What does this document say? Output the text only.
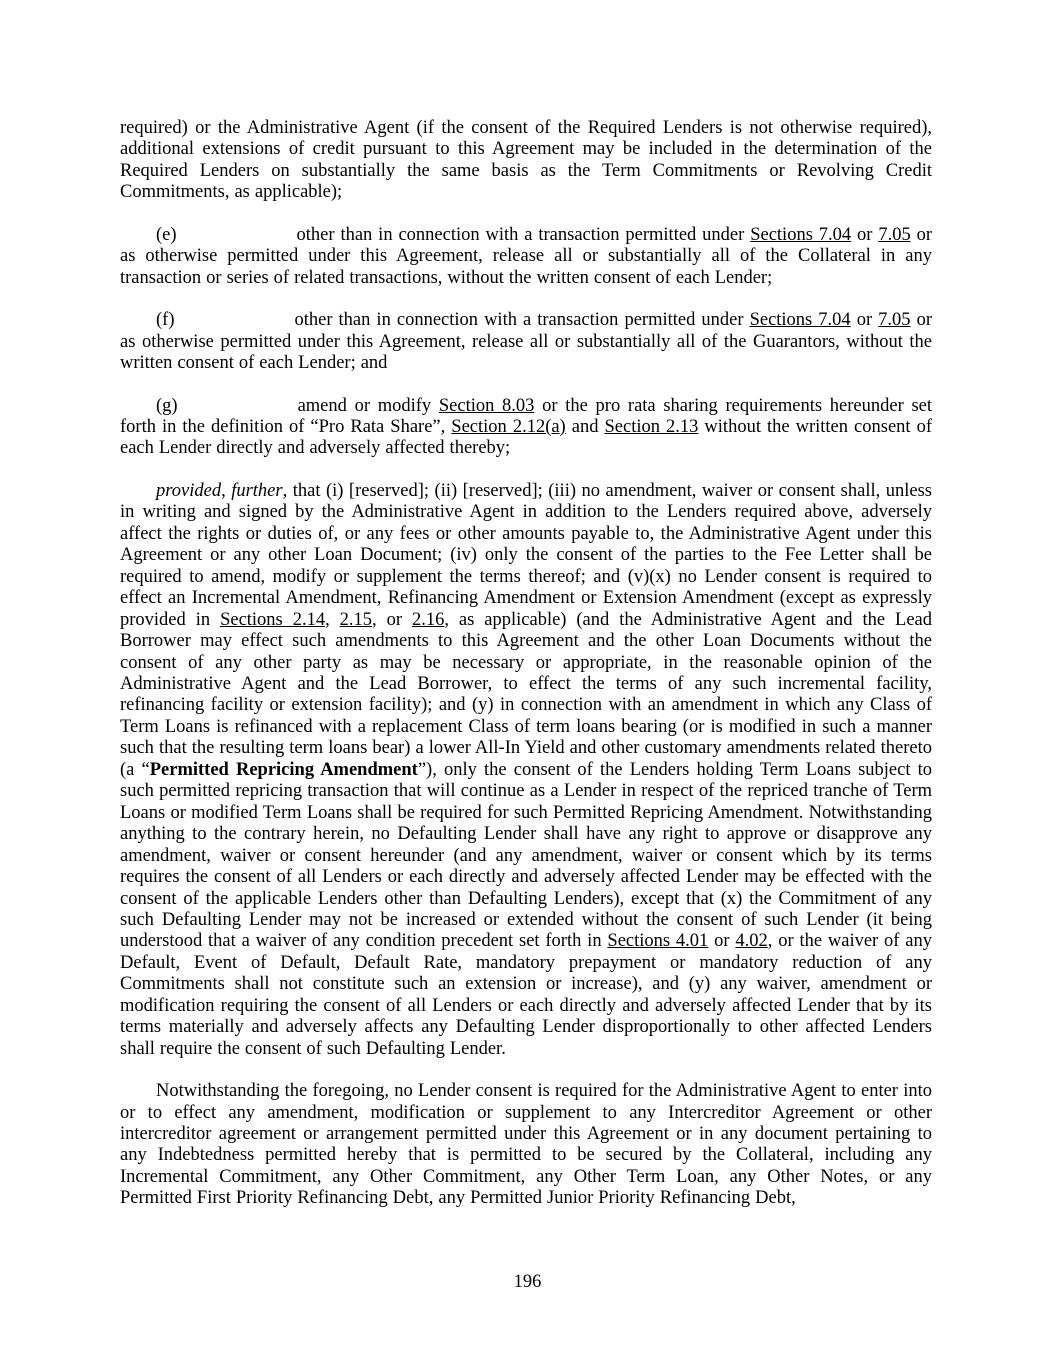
required) or the Administrative Agent (if the consent of the Required Lenders is not otherwise required), additional extensions of credit pursuant to this Agreement may be included in the determination of the Required Lenders on substantially the same basis as the Term Commitments or Revolving Credit Commitments, as applicable);

(e)	other than in connection with a transaction permitted under Sections 7.04 or 7.05 or as otherwise permitted under this Agreement, release all or substantially all of the Collateral in any transaction or series of related transactions, without the written consent of each Lender;

(f)	other than in connection with a transaction permitted under Sections 7.04 or 7.05 or as otherwise permitted under this Agreement, release all or substantially all of the Guarantors, without the written consent of each Lender; and

(g)	amend or modify Section 8.03 or the pro rata sharing requirements hereunder set forth in the definition of “Pro Rata Share”, Section 2.12(a) and Section 2.13 without the written consent of each Lender directly and adversely affected thereby;

provided, further, that (i) [reserved]; (ii) [reserved]; (iii) no amendment, waiver or consent shall, unless in writing and signed by the Administrative Agent in addition to the Lenders required above, adversely affect the rights or duties of, or any fees or other amounts payable to, the Administrative Agent under this Agreement or any other Loan Document; (iv) only the consent of the parties to the Fee Letter shall be required to amend, modify or supplement the terms thereof; and (v)(x) no Lender consent is required to effect an Incremental Amendment, Refinancing Amendment or Extension Amendment (except as expressly provided in Sections 2.14, 2.15, or 2.16, as applicable) (and the Administrative Agent and the Lead Borrower may effect such amendments to this Agreement and the other Loan Documents without the consent of any other party as may be necessary or appropriate, in the reasonable opinion of the Administrative Agent and the Lead Borrower, to effect the terms of any such incremental facility, refinancing facility or extension facility); and (y) in connection with an amendment in which any Class of Term Loans is refinanced with a replacement Class of term loans bearing (or is modified in such a manner such that the resulting term loans bear) a lower All-In Yield and other customary amendments related thereto (a “Permitted Repricing Amendment”), only the consent of the Lenders holding Term Loans subject to such permitted repricing transaction that will continue as a Lender in respect of the repriced tranche of Term Loans or modified Term Loans shall be required for such Permitted Repricing Amendment. Notwithstanding anything to the contrary herein, no Defaulting Lender shall have any right to approve or disapprove any amendment, waiver or consent hereunder (and any amendment, waiver or consent which by its terms requires the consent of all Lenders or each directly and adversely affected Lender may be effected with the consent of the applicable Lenders other than Defaulting Lenders), except that (x) the Commitment of any such Defaulting Lender may not be increased or extended without the consent of such Lender (it being understood that a waiver of any condition precedent set forth in Sections 4.01 or 4.02, or the waiver of any Default, Event of Default, Default Rate, mandatory prepayment or mandatory reduction of any Commitments shall not constitute such an extension or increase), and (y) any waiver, amendment or modification requiring the consent of all Lenders or each directly and adversely affected Lender that by its terms materially and adversely affects any Defaulting Lender disproportionally to other affected Lenders shall require the consent of such Defaulting Lender.

Notwithstanding the foregoing, no Lender consent is required for the Administrative Agent to enter into or to effect any amendment, modification or supplement to any Intercreditor Agreement or other intercreditor agreement or arrangement permitted under this Agreement or in any document pertaining to any Indebtedness permitted hereby that is permitted to be secured by the Collateral, including any Incremental Commitment, any Other Commitment, any Other Term Loan, any Other Notes, or any Permitted First Priority Refinancing Debt, any Permitted Junior Priority Refinancing Debt,

196
